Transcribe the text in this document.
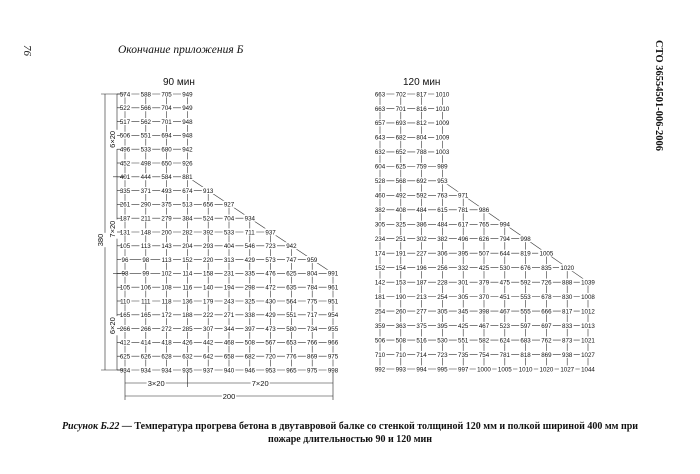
76	Окончание приложения Б	СТО 36554501-006-2006
90 мин	120 мин
574 588 705 949
522 566 704 949
517 562 701 948
506 551 694 948
496 533 680 942
452 498 650 926
401 444 584 881
335 371 493 674 913
261 290 375 513 656 927
187 211 279 384 524 704 934
131 148 200 282 392 533 711 937
105 113 143 204 293 404 546 723 942
96 98 113 152 220 313 429 573 747 959
98 99 102 114 158 231 335 476 625 804 991
105 106 108 116 140 194 298 472 635 784 961
110 111 118 136 179 243 325 430 564 775 951
165 165 172 188 222 271 338 429 551 717 954
266 266 272 285 307 344 397 473 580 734 955
412 414 418 426 442 468 508 567 653 766 966
625 626 628 632 642 658 682 720 776 869 975
934 934 934 935 937 940 946 953 965 975 998
663 702 817 1010
663 701 816 1010
657 693 812 1009
643 682 804 1009
632 652 788 1003
604 625 759 989
528 568 692 953
460 492 592 763 971
382 408 484 615 781 986
305 325 386 484 617 765 994
234 251 302 382 496 626 794 998
174 191 227 306 395 507 644 819 1005
152 154 196 256 332 425 530 676 835 1020
142 153 187 228 301 379 475 592 726 888 1039
181 190 213 254 305 370 451 553 678 830 1008
254 260 277 305 345 398 467 555 666 817 1012
359 363 375 395 425 467 523 597 697 833 1013
506 508 516 530 551 582 624 683 762 873 1021
710 710 714 723 735 754 781 818 869 938 1027
992 993 994 995 997 1000 1005 1010 1020 1027 1044
380
6×20
7×20
6×20
3×20	7×20
200
Рисунок Б.22 — Температура прогрева бетона в двутавровой балке со стенкой толщиной 120 мм и полкой шириной 400 мм при пожаре длительностью 90 и 120 мин
